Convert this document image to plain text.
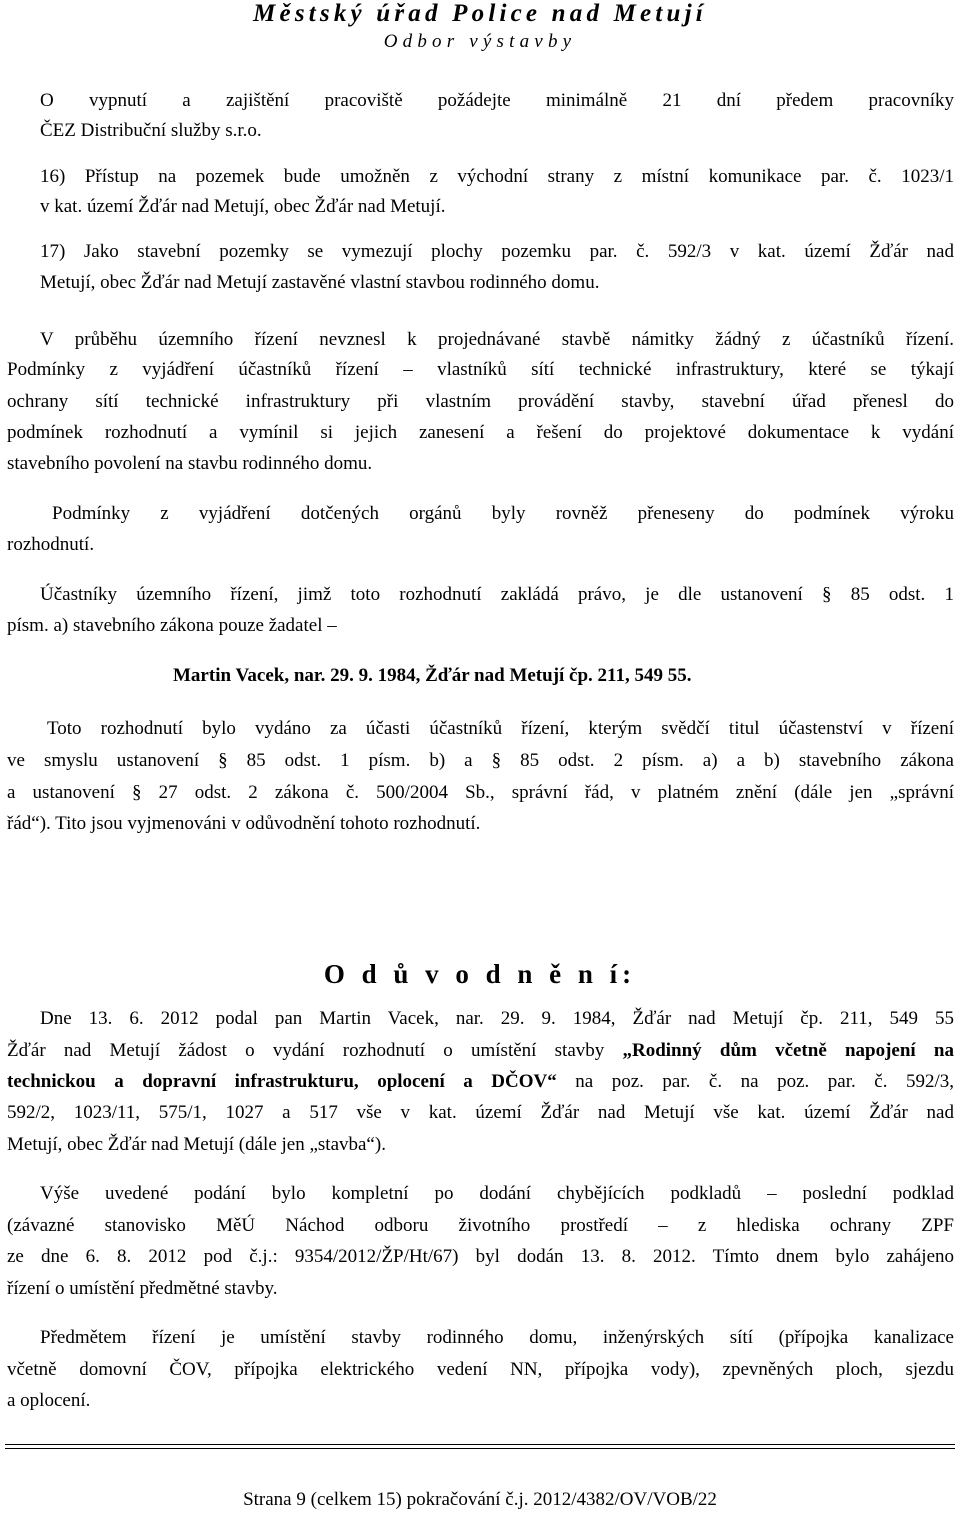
Městský úřad Police nad Metují
Odbor výstavby
O vypnutí a zajištění pracoviště požádejte minimálně 21 dní předem pracovníky
ČEZ Distribuční služby s.r.o.
16) Přístup na pozemek bude umožněn z východní strany z místní komunikace par. č. 1023/1
v kat. území Žďár nad Metují, obec Žďár nad Metují.
17) Jako stavební pozemky se vymezují plochy pozemku par. č. 592/3 v kat. území Žďár nad
Metují, obec Žďár nad Metují zastavěné vlastní stavbou rodinného domu.
V průběhu územního řízení nevznesl k projednávané stavbě námitky žádný z účastníků řízení.
Podmínky z vyjádření účastníků řízení – vlastníků sítí technické infrastruktury, které se týkají
ochrany sítí technické infrastruktury při vlastním provádění stavby, stavební úřad přenesl do
podmínek rozhodnutí a vymínil si jejich zanesení a řešení do projektové dokumentace k vydání
stavebního povolení na stavbu rodinného domu.
Podmínky z vyjádření dotčených orgánů byly rovněž přeneseny do podmínek výroku
rozhodnutí.
Účastníky územního řízení, jimž toto rozhodnutí zakládá právo, je dle ustanovení § 85 odst. 1
písm. a) stavebního zákona pouze žadatel –
Martin Vacek, nar. 29. 9. 1984, Žďár nad Metují čp. 211, 549 55.
Toto rozhodnutí bylo vydáno za účasti účastníků řízení, kterým svědčí titul účastenství v řízení
ve smyslu ustanovení § 85 odst. 1 písm. b) a § 85 odst. 2 písm. a) a b) stavebního zákona
a ustanovení § 27 odst. 2 zákona č. 500/2004 Sb., správní řád, v platném znění (dále jen „správní
řád“). Tito jsou vyjmenováni v odůvodnění tohoto rozhodnutí.
O d ů v o d n ě n í:
Dne 13. 6. 2012 podal pan Martin Vacek, nar. 29. 9. 1984, Žďár nad Metují čp. 211, 549 55
Žďár nad Metují žádost o vydání rozhodnutí o umístění stavby „Rodinný dům včetně napojení na
technickou a dopravní infrastrukturu, oplocení a DČOV“ na poz. par. č. na poz. par. č. 592/3,
592/2, 1023/11, 575/1, 1027 a 517 vše v kat. území Žďár nad Metují vše kat. území Žďár nad
Metují, obec Žďár nad Metují (dále jen „stavba“).
Výše uvedené podání bylo kompletní po dodání chybějících podkladů – poslední podklad
(závazné stanovisko MěÚ Náchod odboru životního prostředí – z hlediska ochrany ZPF
ze dne 6. 8. 2012 pod č.j.: 9354/2012/ŽP/Ht/67) byl dodán 13. 8. 2012. Tímto dnem bylo zahájeno
řízení o umístění předmětné stavby.
Předmětem řízení je umístění stavby rodinného domu, inženýrských sítí (přípojka kanalizace
včetně domovní ČOV, přípojka elektrického vedení NN, přípojka vody), zpevněných ploch, sjezdu
a oplocení.
Strana 9 (celkem 15) pokračování č.j. 2012/4382/OV/VOB/22
